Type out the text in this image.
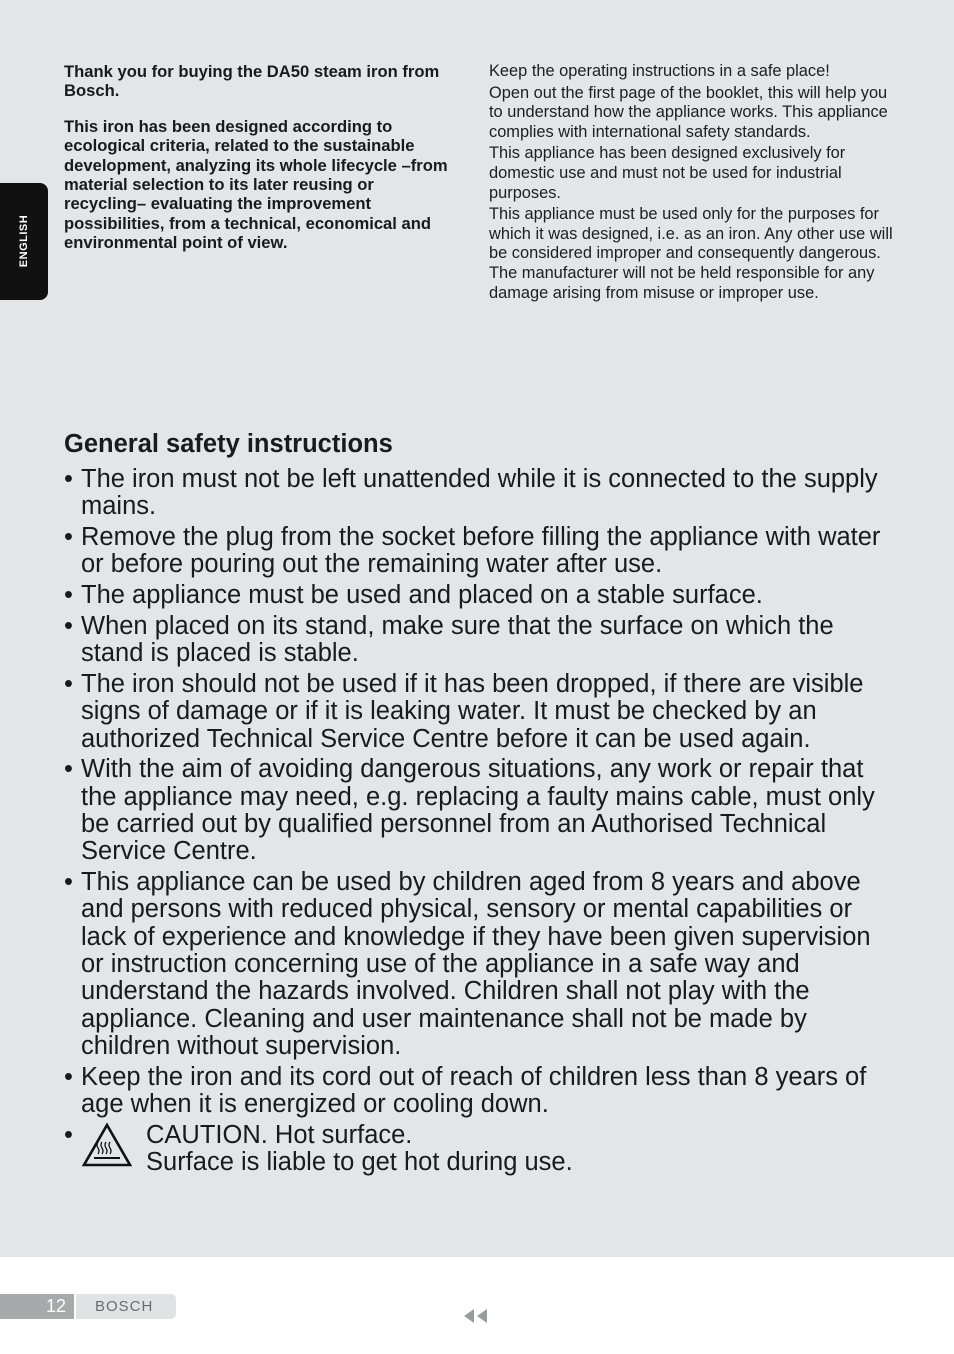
ENGLISH

Thank you for buying the DA50 steam iron from Bosch.

This iron has been designed according to ecological criteria, related to the sustainable development, analyzing its whole lifecycle –from material selection to its later reusing or recycling– evaluating the improvement possibilities, from a technical, economical and environmental point of view.

Keep the operating instructions in a safe place!

Open out the first page of the booklet, this will help you to understand how the appliance works. This appliance complies with international safety standards.

This appliance has been designed exclusively for domestic use and must not be used for industrial purposes.

This appliance must be used only for the purposes for which it was designed, i.e. as an iron. Any other use will be considered improper and consequently dangerous. The manufacturer will not be held responsible for any damage arising from misuse or improper use.

General safety instructions
• The iron must not be left unattended while it is connected to the supply mains.
• Remove the plug from the socket before filling the appliance with water or before pouring out the remaining water after use.
• The appliance must be used and placed on a stable surface.
• When placed on its stand, make sure that the surface on which the stand is placed is stable.
• The iron should not be used if it has been dropped, if there are visible signs of damage or if it is leaking water. It must be checked by an authorized Technical Service Centre before it can be used again.
• With the aim of avoiding dangerous situations, any work or repair that the appliance may need, e.g. replacing a faulty mains cable, must only be carried out by qualified personnel from an Authorised Technical Service Centre.
• This appliance can be used by children aged from 8 years and above and persons with reduced physical, sensory or mental capabilities or lack of experience and knowledge if they have been given supervision or instruction concerning use of the appliance in a safe way and understand the hazards involved. Children shall not play with the appliance. Cleaning and user maintenance shall not be made by children without supervision.
• Keep the iron and its cord out of reach of children less than 8 years of age when it is energized or cooling down.
•	CAUTION. Hot surface.
Surface is liable to get hot during use.
12	BOSCH
